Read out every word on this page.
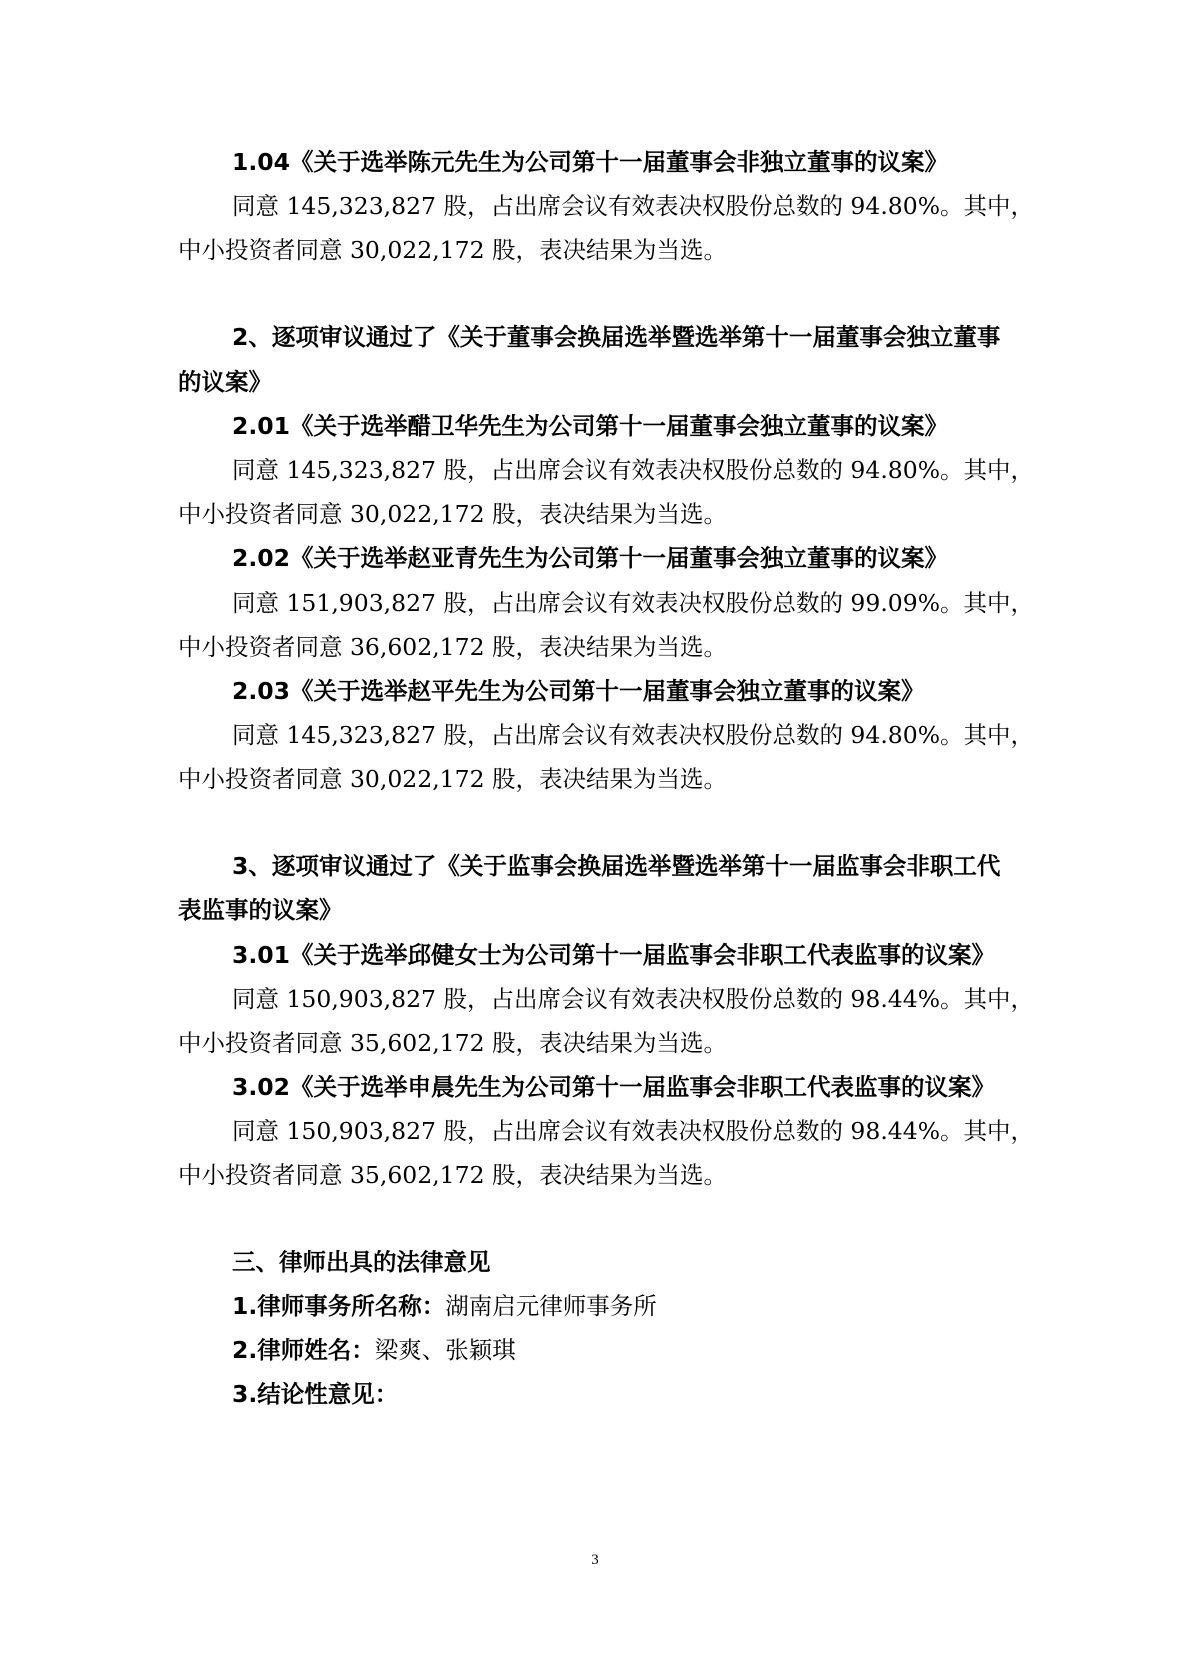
1.04《关于选举陈元先生为公司第十一届董事会非独立董事的议案》
同意 145,323,827 股，占出席会议有效表决权股份总数的 94.80%。其中，
中小投资者同意 30,022,172 股，表决结果为当选。
2、逐项审议通过了《关于董事会换届选举暨选举第十一届董事会独立董事
的议案》
2.01《关于选举醋卫华先生为公司第十一届董事会独立董事的议案》
同意 145,323,827 股，占出席会议有效表决权股份总数的 94.80%。其中，
中小投资者同意 30,022,172 股，表决结果为当选。
2.02《关于选举赵亚青先生为公司第十一届董事会独立董事的议案》
同意 151,903,827 股，占出席会议有效表决权股份总数的 99.09%。其中，
中小投资者同意 36,602,172 股，表决结果为当选。
2.03《关于选举赵平先生为公司第十一届董事会独立董事的议案》
同意 145,323,827 股，占出席会议有效表决权股份总数的 94.80%。其中，
中小投资者同意 30,022,172 股，表决结果为当选。
3、逐项审议通过了《关于监事会换届选举暨选举第十一届监事会非职工代
表监事的议案》
3.01《关于选举邱健女士为公司第十一届监事会非职工代表监事的议案》
同意 150,903,827 股，占出席会议有效表决权股份总数的 98.44%。其中，
中小投资者同意 35,602,172 股，表决结果为当选。
3.02《关于选举申晨先生为公司第十一届监事会非职工代表监事的议案》
同意 150,903,827 股，占出席会议有效表决权股份总数的 98.44%。其中，
中小投资者同意 35,602,172 股，表决结果为当选。
三、律师出具的法律意见
1.律师事务所名称：湖南启元律师事务所
2.律师姓名：梁爽、张颖琪
3.结论性意见：
3
